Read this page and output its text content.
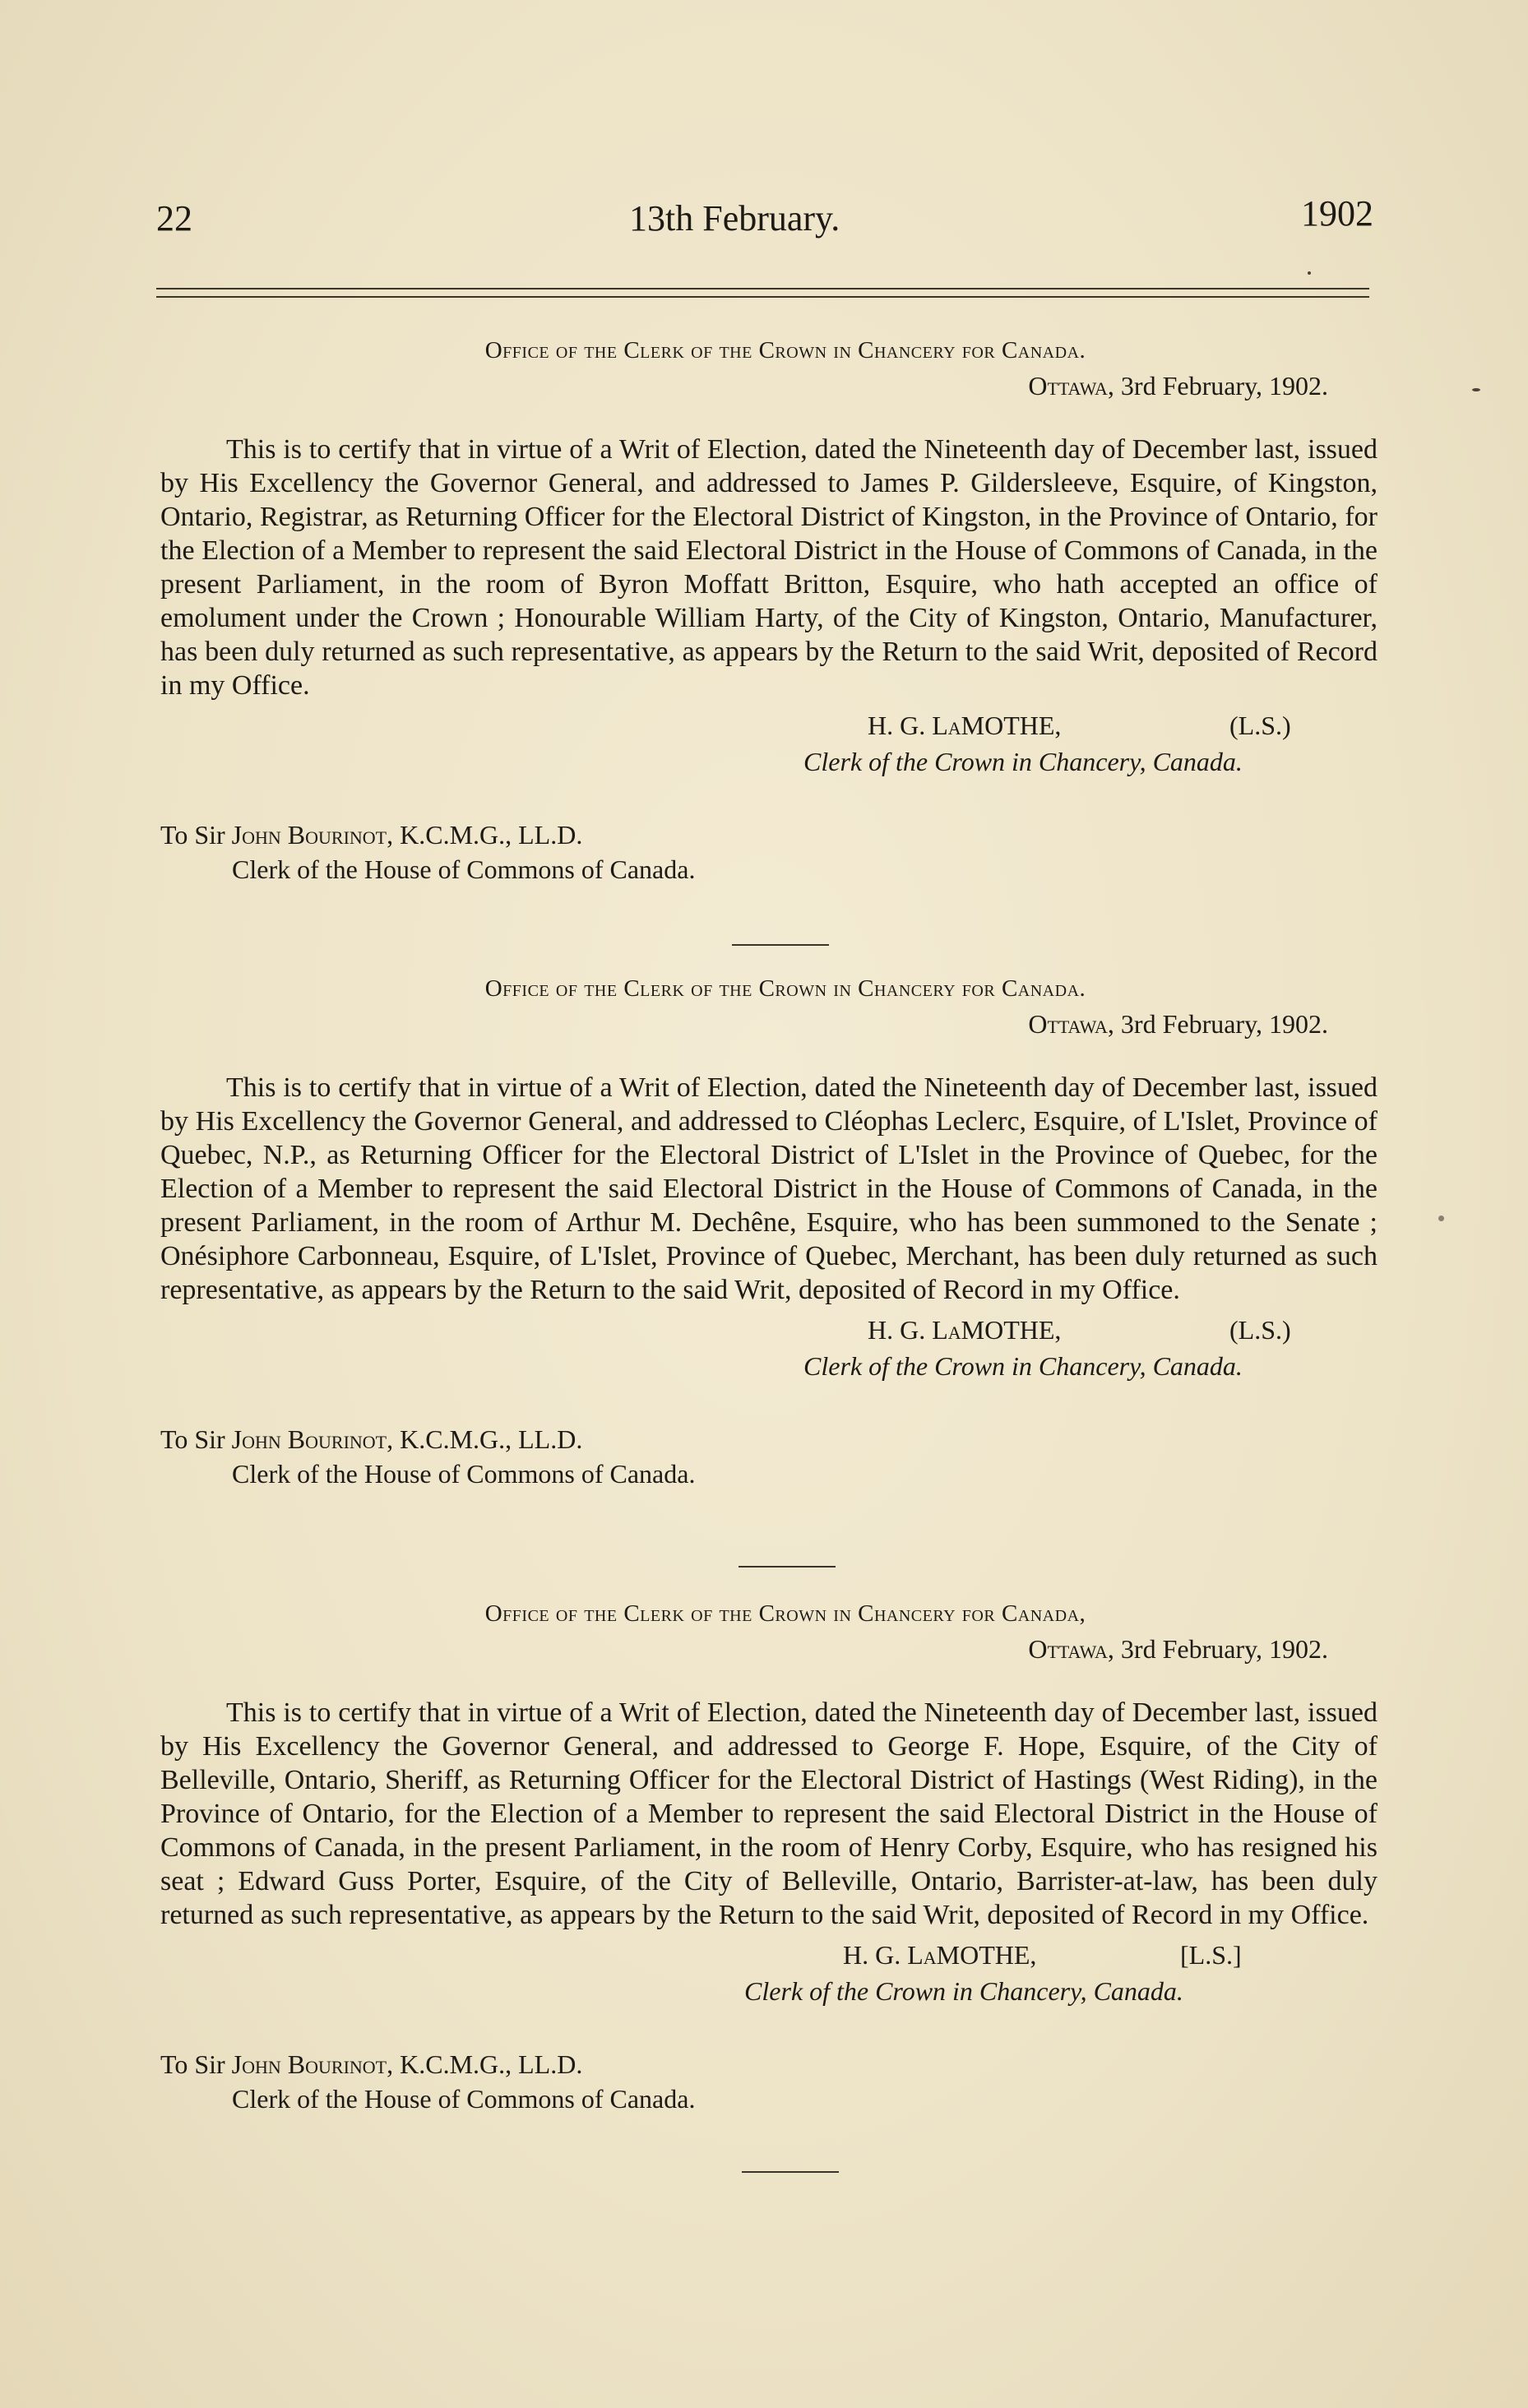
22	13th February.	1902

Office of the Clerk of the Crown in Chancery for Canada.

Ottawa, 3rd February, 1902.

This is to certify that in virtue of a Writ of Election, dated the Nineteenth day of December last, issued by His Excellency the Governor General, and addressed to James P. Gildersleeve, Esquire, of Kingston, Ontario, Registrar, as Returning Officer for the Electoral District of Kingston, in the Province of Ontario, for the Election of a Member to represent the said Electoral District in the House of Commons of Canada, in the present Parliament, in the room of Byron Moffatt Britton, Esquire, who hath accepted an office of emolument under the Crown ; Honourable William Harty, of the City of Kingston, Ontario, Manufacturer, has been duly returned as such representative, as appears by the Return to the said Writ, deposited of Record in my Office.

H. G. LaMOTHE,	(L.S.)
Clerk of the Crown in Chancery, Canada.
To Sir John Bourinot, K.C.M.G., LL.D.
Clerk of the House of Commons of Canada.

Office of the Clerk of the Crown in Chancery for Canada.

Ottawa, 3rd February, 1902.

This is to certify that in virtue of a Writ of Election, dated the Nineteenth day of December last, issued by His Excellency the Governor General, and addressed to Cléophas Leclerc, Esquire, of L'Islet, Province of Quebec, N.P., as Returning Officer for the Electoral District of L'Islet in the Province of Quebec, for the Election of a Member to represent the said Electoral District in the House of Commons of Canada, in the present Parliament, in the room of Arthur M. Dechêne, Esquire, who has been summoned to the Senate ; Onésiphore Carbonneau, Esquire, of L'Islet, Province of Quebec, Merchant, has been duly returned as such representative, as appears by the Return to the said Writ, deposited of Record in my Office.

H. G. LaMOTHE,	(L.S.)
Clerk of the Crown in Chancery, Canada.
To Sir John Bourinot, K.C.M.G., LL.D.
Clerk of the House of Commons of Canada.

Office of the Clerk of the Crown in Chancery for Canada,

Ottawa, 3rd February, 1902.

This is to certify that in virtue of a Writ of Election, dated the Nineteenth day of December last, issued by His Excellency the Governor General, and addressed to George F. Hope, Esquire, of the City of Belleville, Ontario, Sheriff, as Returning Officer for the Electoral District of Hastings (West Riding), in the Province of Ontario, for the Election of a Member to represent the said Electoral District in the House of Commons of Canada, in the present Parliament, in the room of Henry Corby, Esquire, who has resigned his seat ; Edward Guss Porter, Esquire, of the City of Belleville, Ontario, Barrister-at-law, has been duly returned as such representative, as appears by the Return to the said Writ, deposited of Record in my Office.

H. G. LaMOTHE,	[L.S.]
Clerk of the Crown in Chancery, Canada.
To Sir John Bourinot, K.C.M.G., LL.D.
Clerk of the House of Commons of Canada.
